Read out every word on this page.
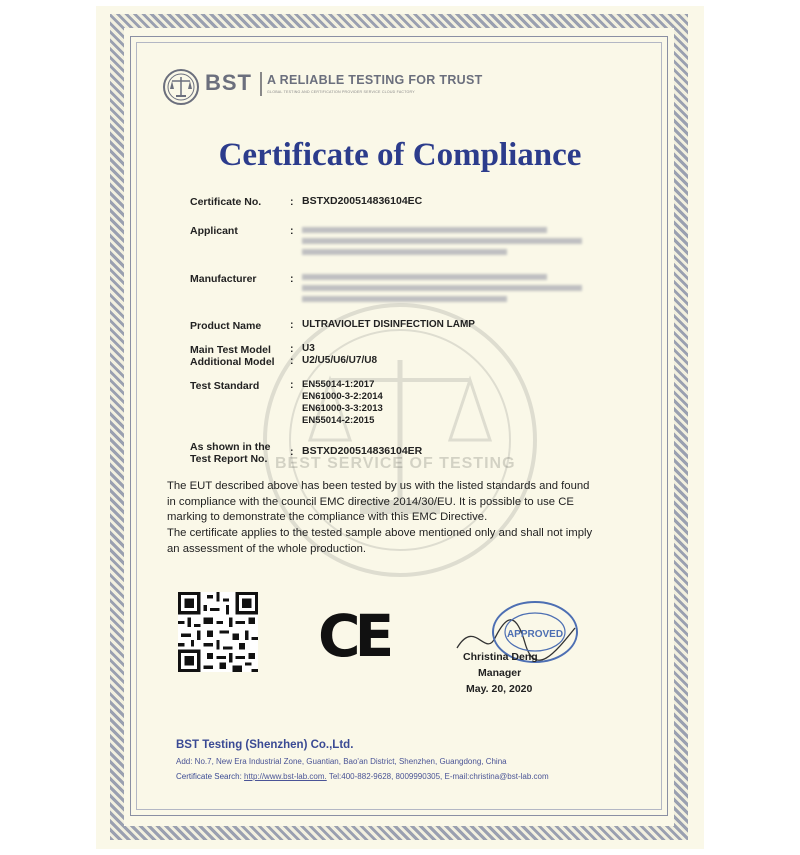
BEST SERVICE OF TESTING
BST A RELIABLE TESTING FOR TRUST
GLOBAL TESTING AND CERTIFICATION PROVIDER SERVICE CLOUD FACTORY
Certificate of Compliance
Certificate No.	: BSTXD200514836104EC
Applicant	:
Manufacturer	:
Product Name	: ULTRAVIOLET DISINFECTION LAMP
Main Test Model : U3
Additional Model : U2/U5/U6/U7/U8
Test Standard	: EN55014-1:2017
EN61000-3-2:2014
EN61000-3-3:2013
EN55014-2:2015
As shown in the
Test Report No.
: BSTXD200514836104ER

The EUT described above has been tested by us with the listed standards and found

in compliance with the council EMC directive 2014/30/EU. It is possible to use CE

marking to demonstrate the compliance with this EMC Directive.

The certificate applies to the tested sample above mentioned only and shall not imply

an assessment of the whole production.

CE	APPROVED
Christina Deng
Manager
May. 20, 2020
BST Testing (Shenzhen) Co.,Ltd.
Add: No.7, New Era Industrial Zone, Guantian, Bao'an District, Shenzhen, Guangdong, China
Certificate Search: http://www.bst-lab.com. Tel:400-882-9628, 8009990305, E-mail:christina@bst-lab.com
